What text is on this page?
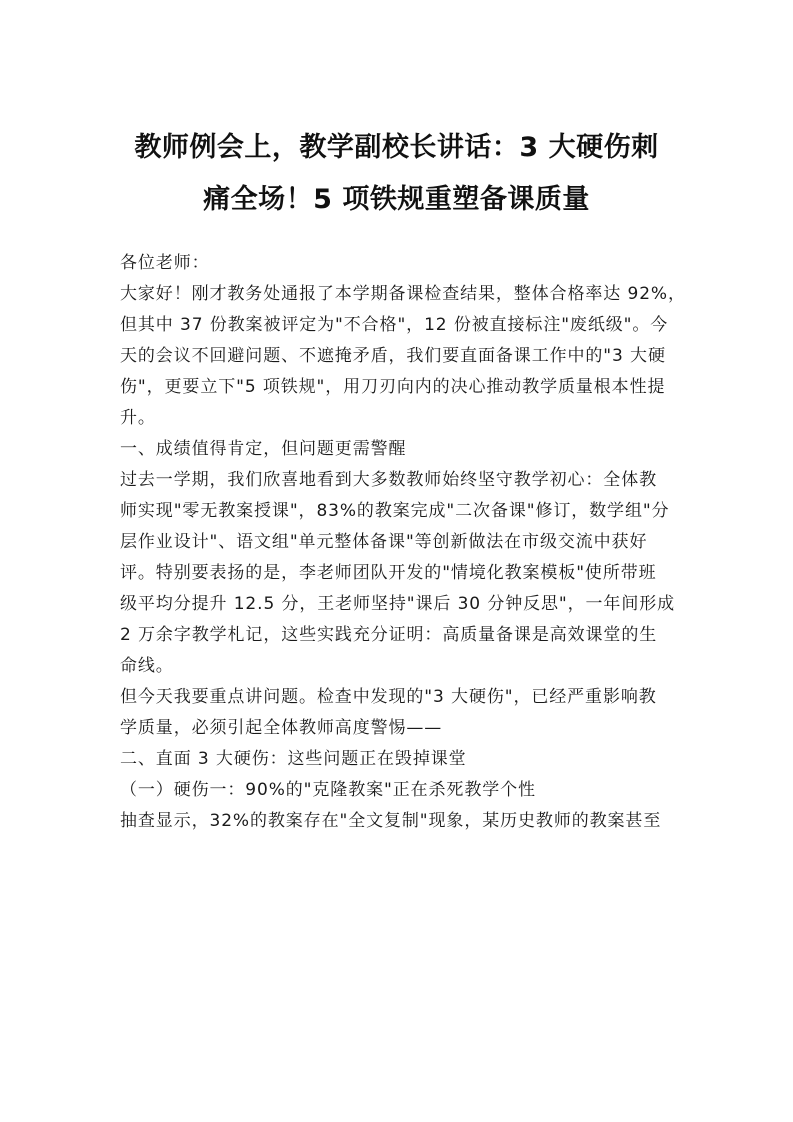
教师例会上，教学副校长讲话：3 大硬伤刺
痛全场！5 项铁规重塑备课质量
各位老师：
大家好！刚才教务处通报了本学期备课检查结果，整体合格率达 92%，
但其中 37 份教案被评定为"不合格"，12 份被直接标注"废纸级"。今
天的会议不回避问题、不遮掩矛盾，我们要直面备课工作中的"3 大硬
伤"，更要立下"5 项铁规"，用刀刃向内的决心推动教学质量根本性提
升。
一、成绩值得肯定，但问题更需警醒
过去一学期，我们欣喜地看到大多数教师始终坚守教学初心：全体教
师实现"零无教案授课"，83%的教案完成"二次备课"修订，数学组"分
层作业设计"、语文组"单元整体备课"等创新做法在市级交流中获好
评。特别要表扬的是，李老师团队开发的"情境化教案模板"使所带班
级平均分提升 12.5 分，王老师坚持"课后 30 分钟反思"，一年间形成
2 万余字教学札记，这些实践充分证明：高质量备课是高效课堂的生
命线。
但今天我要重点讲问题。检查中发现的"3 大硬伤"，已经严重影响教
学质量，必须引起全体教师高度警惕——
二、直面 3 大硬伤：这些问题正在毁掉课堂
（一）硬伤一：90%的"克隆教案"正在杀死教学个性
抽查显示，32%的教案存在"全文复制"现象，某历史教师的教案甚至
